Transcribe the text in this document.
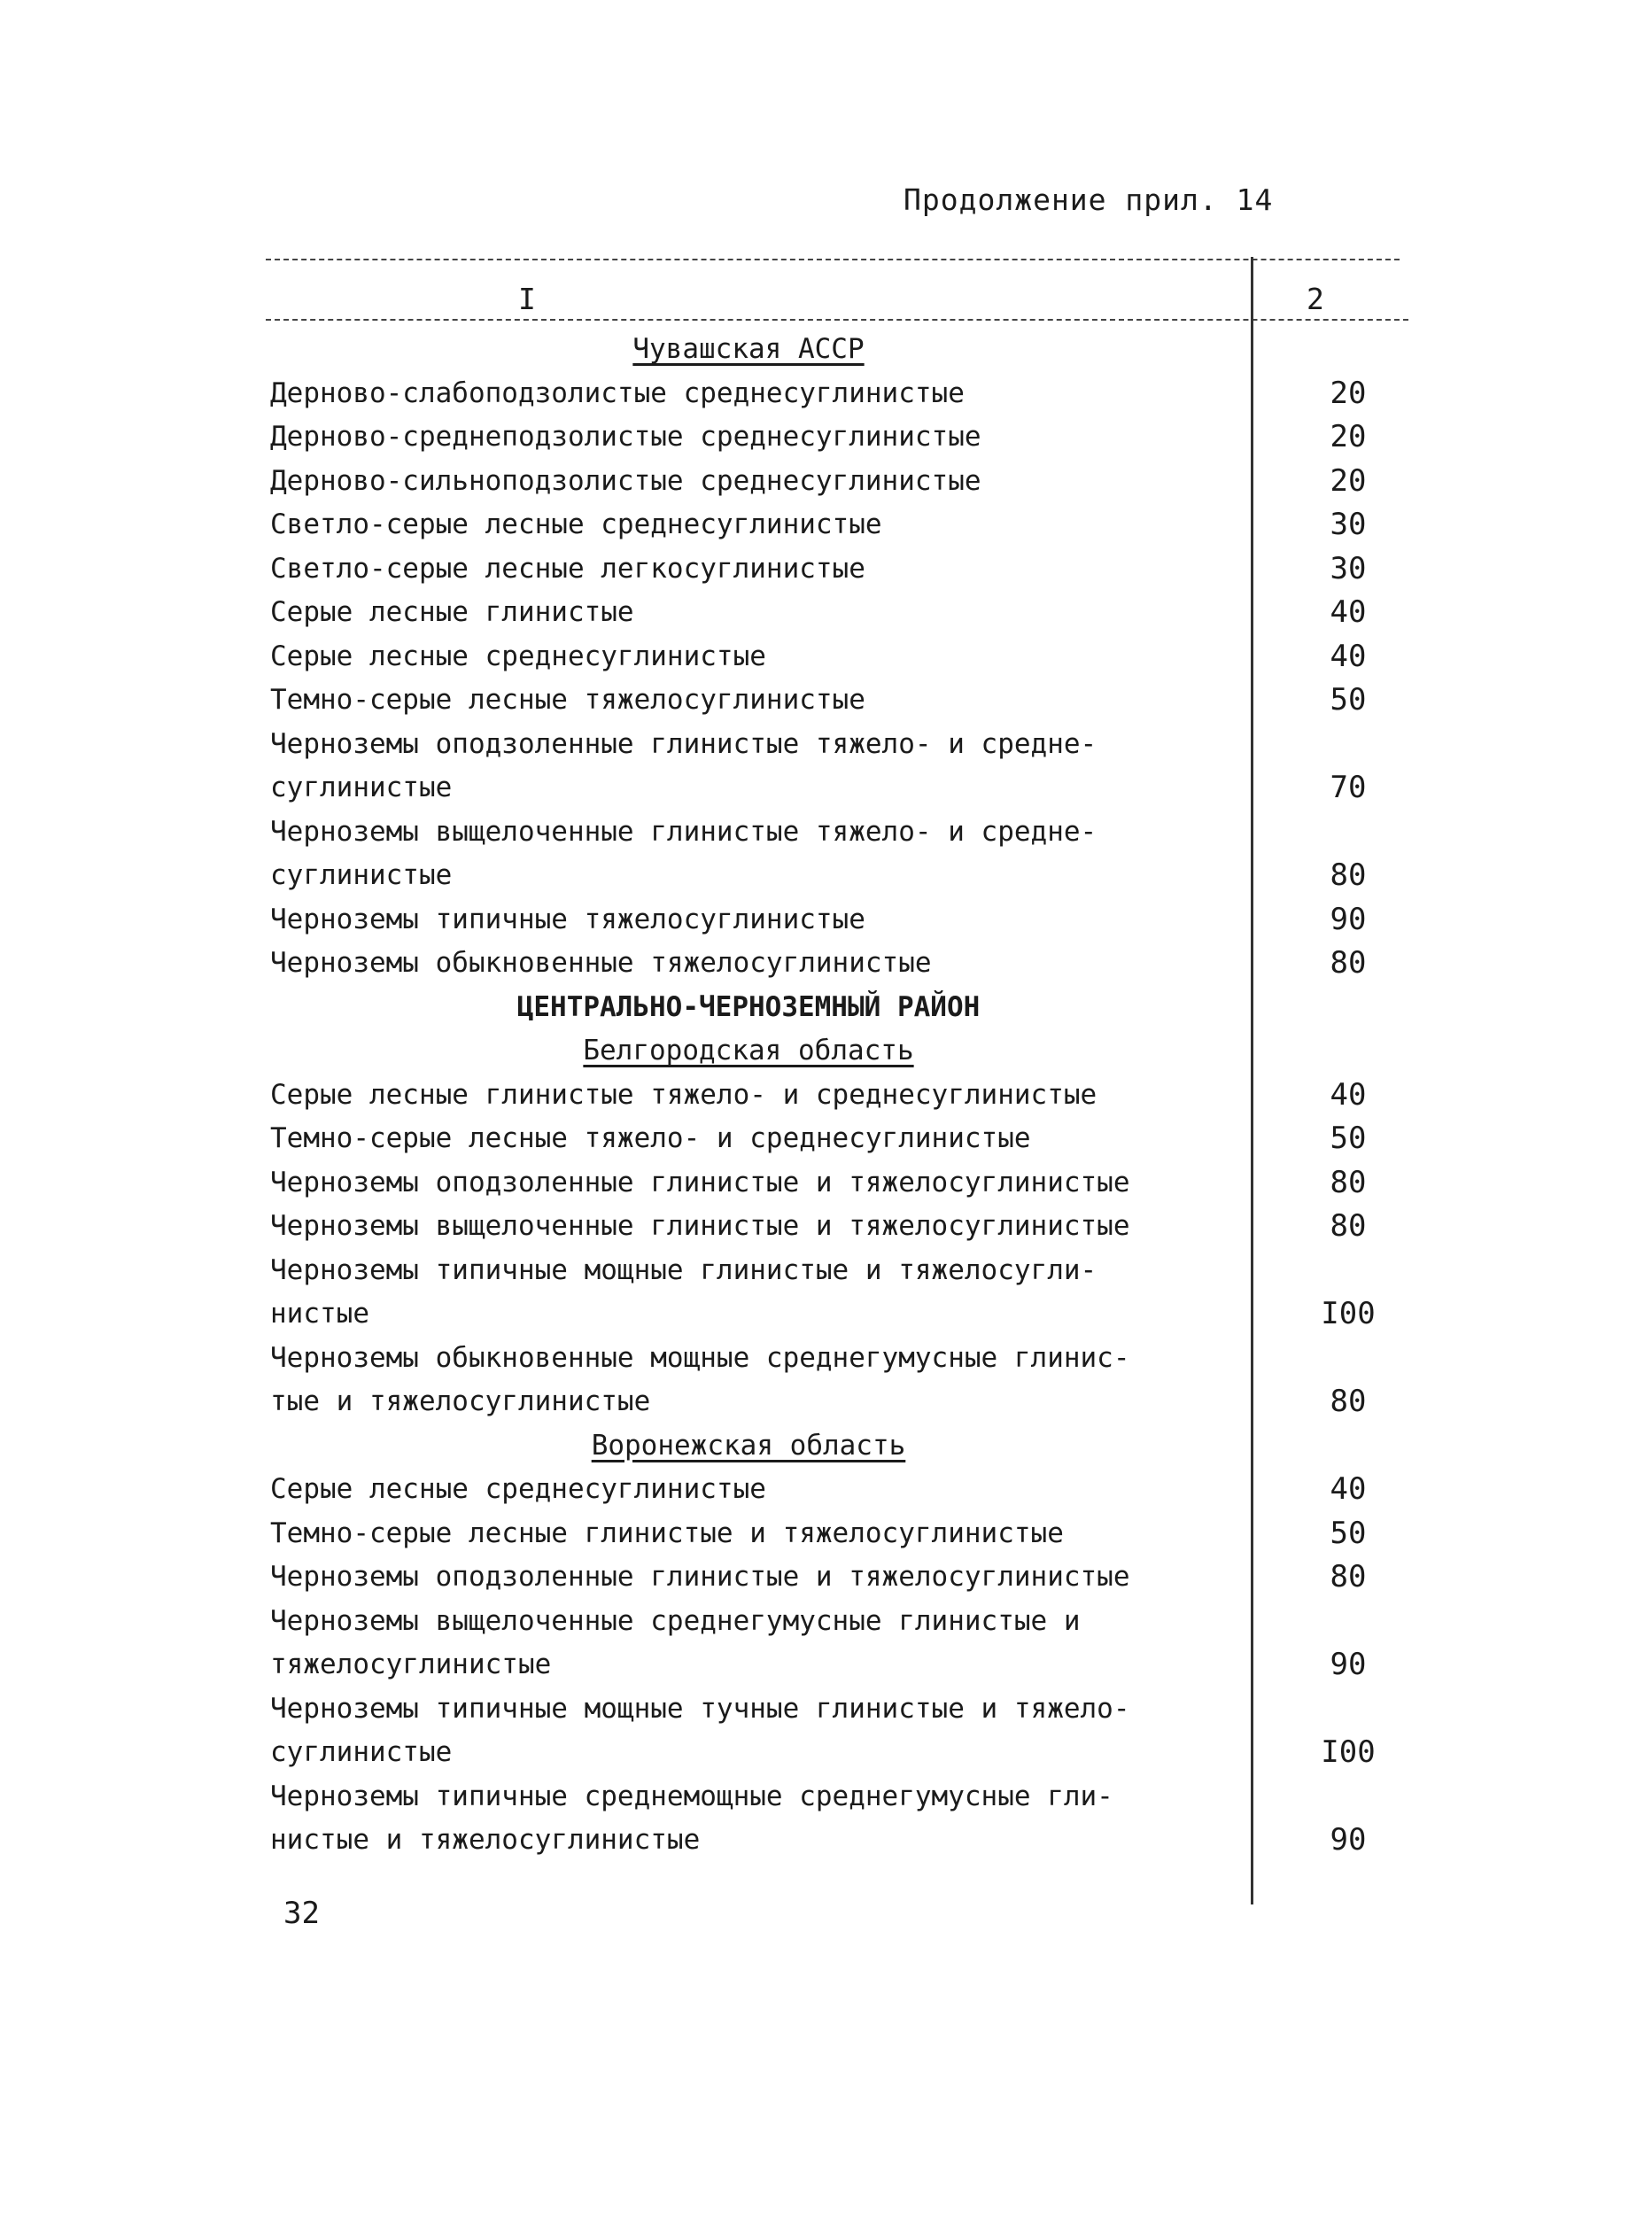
Продолжение прил. 14
I	2
Чувашская АССР
Дерново-слабоподзолистые среднесуглинистые	20
Дерново-среднеподзолистые среднесуглинистые	20
Дерново-сильноподзолистые среднесуглинистые	20
Светло-серые лесные среднесуглинистые	30
Светло-серые лесные легкосуглинистые	30
Серые лесные глинистые	40
Серые лесные среднесуглинистые	40
Темно-серые лесные тяжелосуглинистые	50
Черноземы оподзоленные глинистые тяжело- и средне-
суглинистые	70
Черноземы выщелоченные глинистые тяжело- и средне-
суглинистые	80
Черноземы типичные тяжелосуглинистые	90
Черноземы обыкновенные тяжелосуглинистые	80
ЦЕНТРАЛЬНО-ЧЕРНОЗЕМНЫЙ РАЙОН
Белгородская область
Серые лесные глинистые тяжело- и среднесуглинистые	40
Темно-серые лесные тяжело- и среднесуглинистые	50
Черноземы оподзоленные глинистые и тяжелосуглинистые	80
Черноземы выщелоченные глинистые и тяжелосуглинистые	80
Черноземы типичные мощные глинистые и тяжелосугли-
нистые	I00
Черноземы обыкновенные мощные среднегумусные глинис-
тые и тяжелосуглинистые	80
Воронежская область
Серые лесные среднесуглинистые	40
Темно-серые лесные глинистые и тяжелосуглинистые	50
Черноземы оподзоленные глинистые и тяжелосуглинистые	80
Черноземы выщелоченные среднегумусные глинистые и
тяжелосуглинистые	90
Черноземы типичные мощные тучные глинистые и тяжело-
суглинистые	I00
Черноземы типичные среднемощные среднегумусные гли-
нистые и тяжелосуглинистые	90
32
